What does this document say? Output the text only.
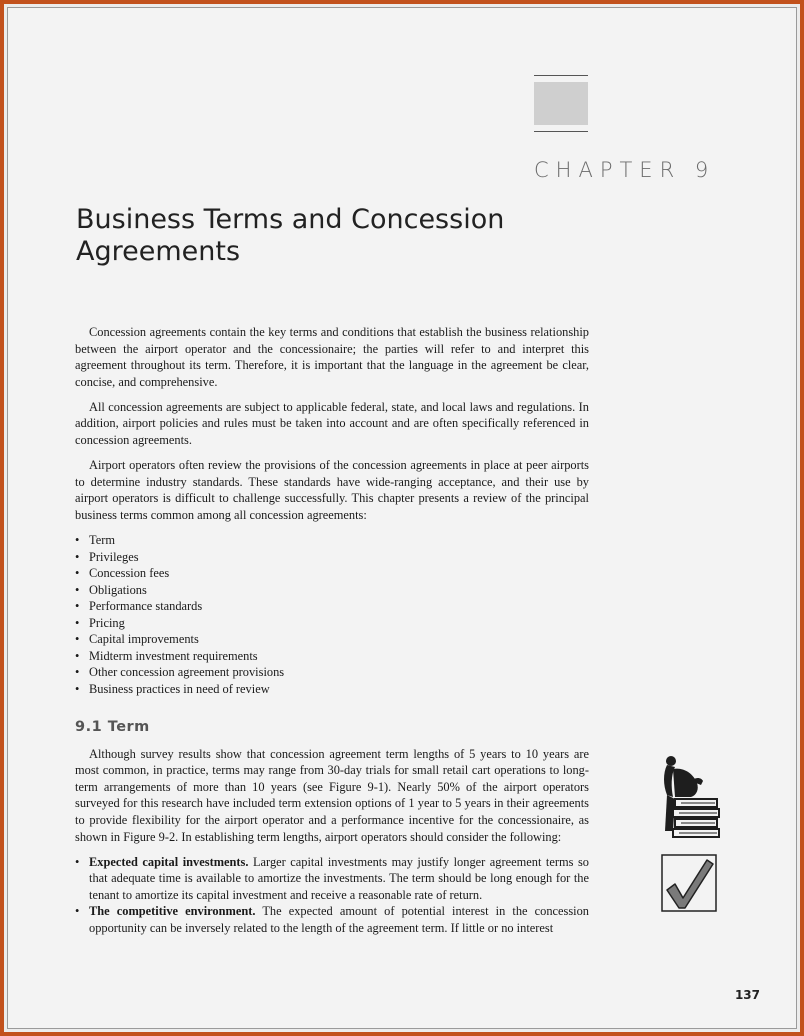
CHAPTER 9
Business Terms and Concession Agreements

Concession agreements contain the key terms and conditions that establish the business relationship between the airport operator and the concessionaire; the parties will refer to and interpret this agreement throughout its term. Therefore, it is important that the language in the agreement be clear, concise, and comprehensive.

All concession agreements are subject to applicable federal, state, and local laws and regulations. In addition, airport policies and rules must be taken into account and are often specifically referenced in concession agreements.

Airport operators often review the provisions of the concession agreements in place at peer airports to determine industry standards. These standards have wide-ranging acceptance, and their use by airport operators is difficult to challenge successfully. This chapter presents a review of the principal business terms common among all concession agreements:

• Term
• Privileges
• Concession fees
• Obligations
• Performance standards
• Pricing
• Capital improvements
• Midterm investment requirements
• Other concession agreement provisions
• Business practices in need of review
9.1 Term

Although survey results show that concession agreement term lengths of 5 years to 10 years are most common, in practice, terms may range from 30-day trials for small retail cart operations to long-term arrangements of more than 10 years (see Figure 9-1). Nearly 50% of the airport operators surveyed for this research have included term extension options of 1 year to 5 years in their agreements to provide flexibility for the airport operator and a performance incentive for the concessionaire, as shown in Figure 9-2. In establishing term lengths, airport operators should consider the following:

• Expected capital investments. Larger capital investments may justify longer agreement terms so that adequate time is available to amortize the investments. The term should be long enough for the tenant to amortize its capital investment and receive a reasonable rate of return.
• The competitive environment. The expected amount of potential interest in the concession opportunity can be inversely related to the length of the agreement term. If little or no interest
137
